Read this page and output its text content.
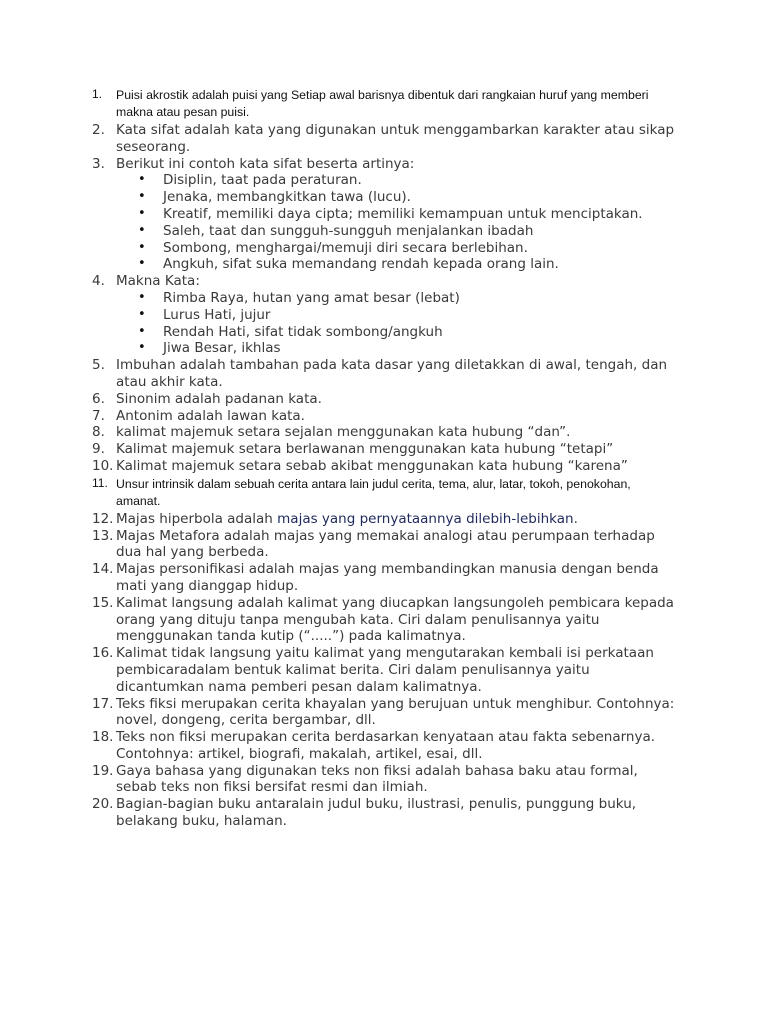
1. Puisi akrostik adalah puisi yang Setiap awal barisnya dibentuk dari rangkaian huruf yang memberi makna atau pesan puisi.
2. Kata sifat adalah kata yang digunakan untuk menggambarkan karakter atau sikap seseorang.
3. Berikut ini contoh kata sifat beserta artinya:
• Disiplin, taat pada peraturan.
• Jenaka, membangkitkan tawa (lucu).
• Kreatif, memiliki daya cipta; memiliki kemampuan untuk menciptakan.
• Saleh, taat dan sungguh-sungguh menjalankan ibadah
• Sombong, menghargai/memuji diri secara berlebihan.
• Angkuh, sifat suka memandang rendah kepada orang lain.
4. Makna Kata:
• Rimba Raya, hutan yang amat besar (lebat)
• Lurus Hati, jujur
• Rendah Hati, sifat tidak sombong/angkuh
• Jiwa Besar, ikhlas
5. Imbuhan adalah tambahan pada kata dasar yang diletakkan di awal, tengah, dan atau akhir kata.
6. Sinonim adalah padanan kata.
7. Antonim adalah lawan kata.
8. kalimat majemuk setara sejalan menggunakan kata hubung “dan”.
9. Kalimat majemuk setara berlawanan menggunakan kata hubung “tetapi”
10. Kalimat majemuk setara sebab akibat menggunakan kata hubung “karena”
11. Unsur intrinsik dalam sebuah cerita antara lain judul cerita, tema, alur, latar, tokoh, penokohan, amanat.
12. Majas hiperbola adalah majas yang pernyataannya dilebih-lebihkan.
13. Majas Metafora adalah majas yang memakai analogi atau perumpaan terhadap dua hal yang berbeda.
14. Majas personifikasi adalah majas yang membandingkan manusia dengan benda mati yang dianggap hidup.
15. Kalimat langsung adalah kalimat yang diucapkan langsungoleh pembicara kepada orang yang dituju tanpa mengubah kata. Ciri dalam penulisannya yaitu menggunakan tanda kutip (“.....”) pada kalimatnya.
16. Kalimat tidak langsung yaitu kalimat yang mengutarakan kembali isi perkataan pembicaradalam bentuk kalimat berita. Ciri dalam penulisannya yaitu dicantumkan nama pemberi pesan dalam kalimatnya.
17. Teks fiksi merupakan cerita khayalan yang berujuan untuk menghibur. Contohnya: novel, dongeng, cerita bergambar, dll.
18. Teks non fiksi merupakan cerita berdasarkan kenyataan atau fakta sebenarnya. Contohnya: artikel, biografi, makalah, artikel, esai, dll.
19. Gaya bahasa yang digunakan teks non fiksi adalah bahasa baku atau formal, sebab teks non fiksi bersifat resmi dan ilmiah.
20. Bagian-bagian buku antaralain judul buku, ilustrasi, penulis, punggung buku, belakang buku, halaman.
